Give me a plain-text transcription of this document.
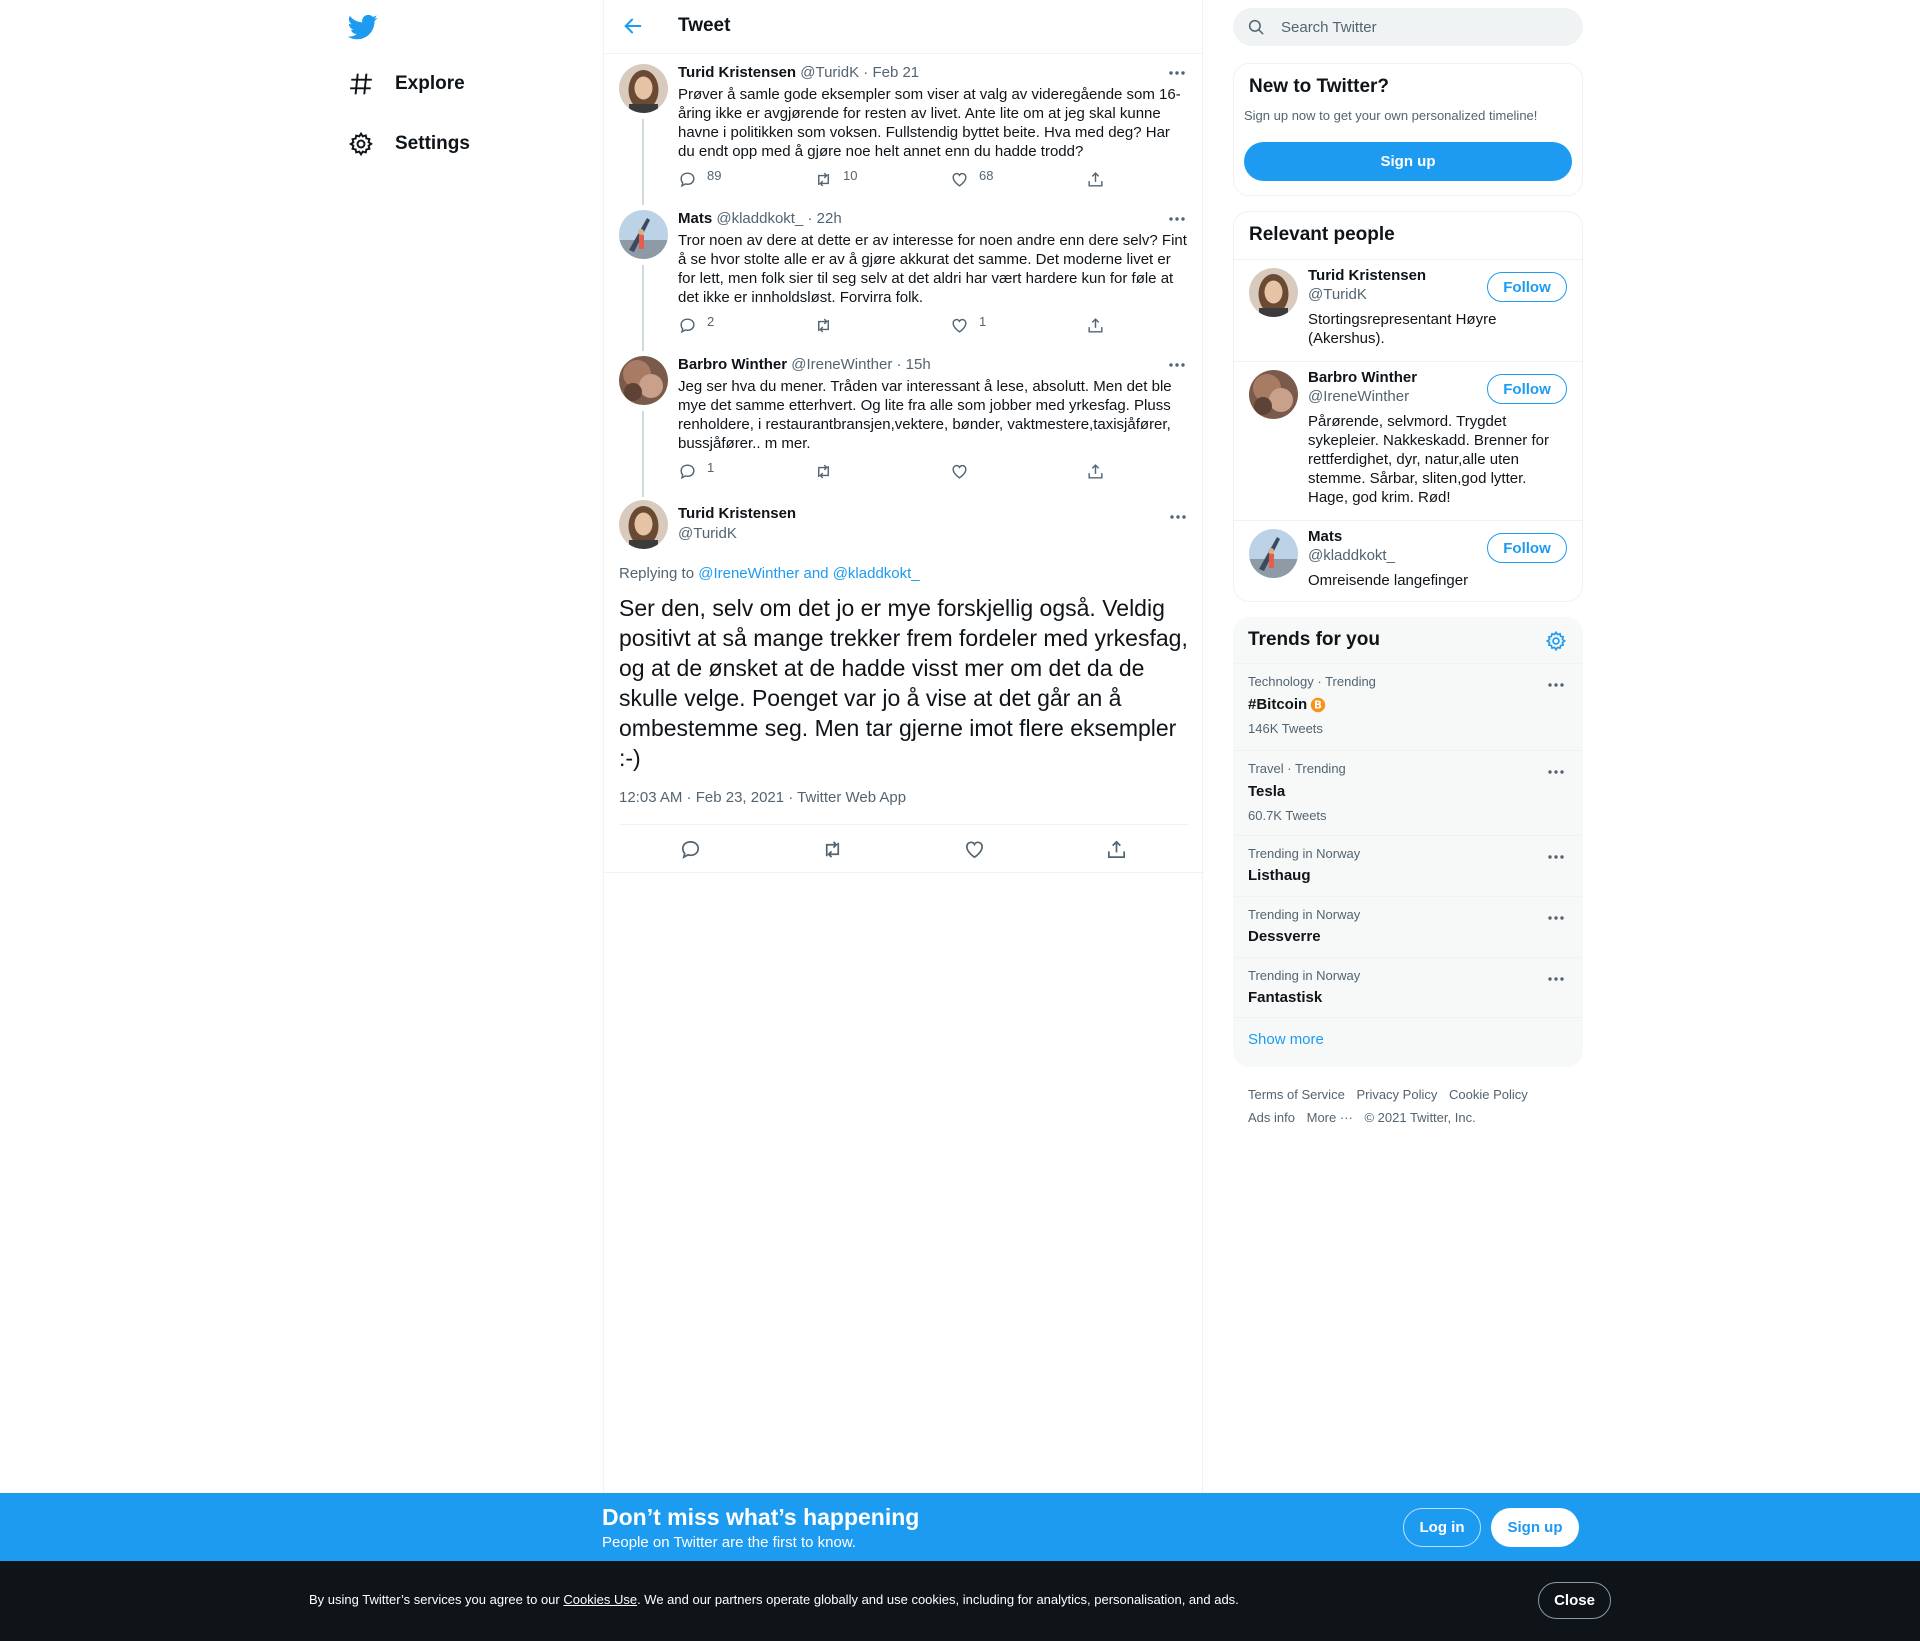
Explore
Settings
Tweet
Turid Kristensen @TuridK · Feb 21
Prøver å samle gode eksempler som viser at valg av videregående som 16-åring ikke er avgjørende for resten av livet. Ante lite om at jeg skal kunne havne i politikken som voksen. Fullstendig byttet beite. Hva med deg? Har du endt opp med å gjøre noe helt annet enn du hadde trodd?
89	10	68
Mats @kladdkokt_ · 22h
Tror noen av dere at dette er av interesse for noen andre enn dere selv? Fint å se hvor stolte alle er av å gjøre akkurat det samme. Det moderne livet er for lett, men folk sier til seg selv at det aldri har vært hardere kun for føle at det ikke er innholdsløst. Forvirra folk.
2	1
Barbro Winther @IreneWinther · 15h
Jeg ser hva du mener. Tråden var interessant å lese, absolutt. Men det ble mye det samme etterhvert. Og lite fra alle som jobber med yrkesfag. Pluss renholdere, i restaurantbransjen,vektere, bønder, vaktmestere,taxisjåfører, bussjåfører.. m mer.
1
Turid Kristensen
@TuridK
Replying to @IreneWinther and @kladdkokt_
Ser den, selv om det jo er mye forskjellig også. Veldig positivt at så mange trekker frem fordeler med yrkesfag, og at de ønsket at de hadde visst mer om det da de skulle velge. Poenget var jo å vise at det går an å ombestemme seg. Men tar gjerne imot flere eksempler :-)
12:03 AM · Feb 23, 2021 · Twitter Web App
Search Twitter
New to Twitter?
Sign up now to get your own personalized timeline!
Sign up
Relevant people
Turid Kristensen
@TuridK
Stortingsrepresentant Høyre (Akershus).
Follow
Barbro Winther
@IreneWinther
Pårørende, selvmord. Trygdet sykepleier. Nakkeskadd. Brenner for rettferdighet, dyr, natur,alle uten stemme. Sårbar, sliten,god lytter. Hage, god krim. Rød!
Follow
Mats
@kladdkokt_
Omreisende langefinger
Follow
Trends for you
Technology · Trending
#Bitcoin B
146K Tweets
Travel · Trending
Tesla
60.7K Tweets
Trending in Norway
Listhaug
Trending in Norway
Dessverre
Trending in Norway
Fantastisk
Show more
Terms of Service Privacy Policy Cookie Policy
Ads info More ··· © 2021 Twitter, Inc.
Don’t miss what’s happening
People on Twitter are the first to know.
Log in	Sign up
By using Twitter’s services you agree to our Cookies Use. We and our partners operate globally and use cookies, including for analytics, personalisation, and ads.	Close
